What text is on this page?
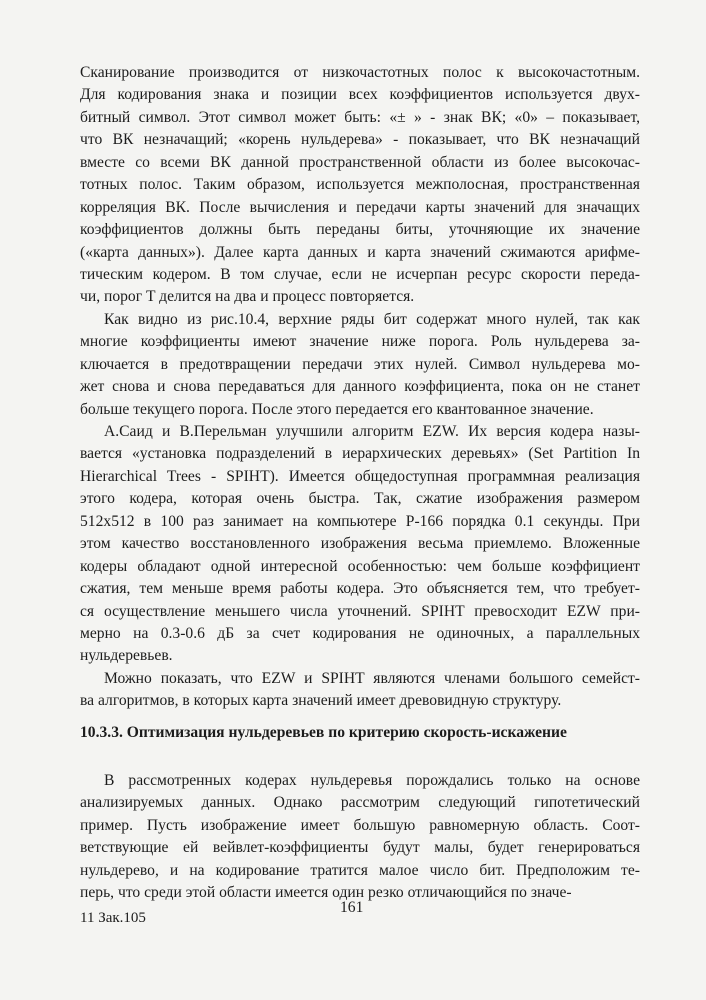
Сканирование производится от низкочастотных полос к высокочастотным.
Для кодирования знака и позиции всех коэффициентов используется двух-
битный символ. Этот символ может быть: «± » - знак ВК; «0» – показывает,
что ВК незначащий; «корень нульдерева» - показывает, что ВК незначащий
вместе со всеми ВК данной пространственной области из более высокочас-
тотных полос. Таким образом, используется межполосная, пространственная
корреляция ВК. После вычисления и передачи карты значений для значащих
коэффициентов должны быть переданы биты, уточняющие их значение
(«карта данных»). Далее карта данных и карта значений сжимаются арифме-
тическим кодером. В том случае, если не исчерпан ресурс скорости переда-
чи, порог T делится на два и процесс повторяется.
Как видно из рис.10.4, верхние ряды бит содержат много нулей, так как
многие коэффициенты имеют значение ниже порога. Роль нульдерева за-
ключается в предотвращении передачи этих нулей. Символ нульдерева мо-
жет снова и снова передаваться для данного коэффициента, пока он не станет
больше текущего порога. После этого передается его квантованное значение.
А.Саид и В.Перельман улучшили алгоритм EZW. Их версия кодера назы-
вается «установка подразделений в иерархических деревьях» (Set Partition In
Hierarchical Trees - SPIHT). Имеется общедоступная программная реализация
этого кодера, которая очень быстра. Так, сжатие изображения размером
512x512 в 100 раз занимает на компьютере P-166 порядка 0.1 секунды. При
этом качество восстановленного изображения весьма приемлемо. Вложенные
кодеры обладают одной интересной особенностью: чем больше коэффициент
сжатия, тем меньше время работы кодера. Это объясняется тем, что требует-
ся осуществление меньшего числа уточнений. SPIHT превосходит EZW при-
мерно на 0.3-0.6 дБ за счет кодирования не одиночных, а параллельных
нульдеревьев.
Можно показать, что EZW и SPIHT являются членами большого семейст-
ва алгоритмов, в которых карта значений имеет древовидную структуру.
10.3.3. Оптимизация нульдеревьев по критерию скорость-искажение
В рассмотренных кодерах нульдеревья порождались только на основе
анализируемых данных. Однако рассмотрим следующий гипотетический
пример. Пусть изображение имеет большую равномерную область. Соот-
ветствующие ей вейвлет-коэффициенты будут малы, будет генерироваться
нульдерево, и на кодирование тратится малое число бит. Предположим те-
перь, что среди этой области имеется один резко отличающийся по значе-
11 Зак.105
161
